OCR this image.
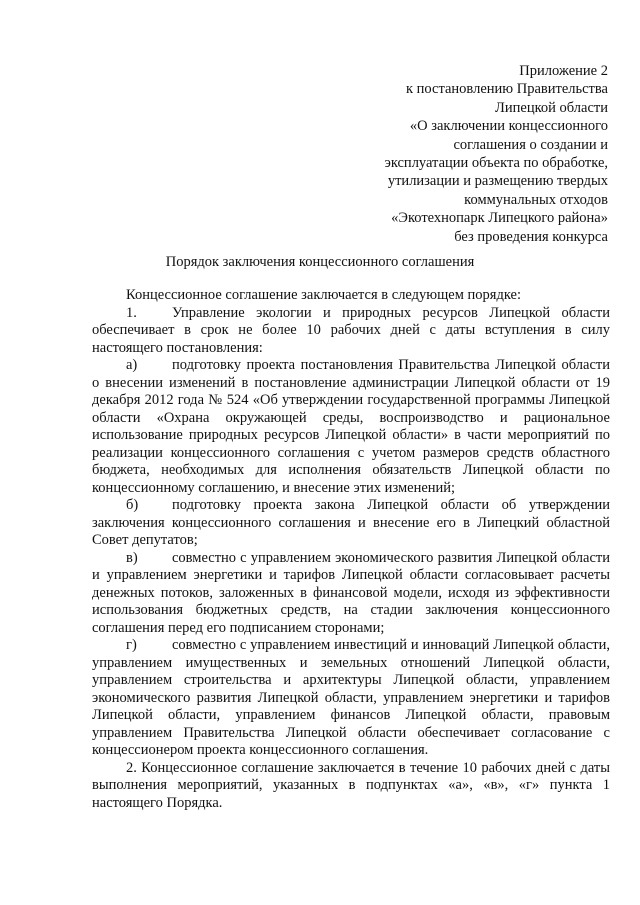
Приложение 2
к постановлению Правительства
Липецкой области
«О заключении концессионного
соглашения о создании и
эксплуатации объекта по обработке,
утилизации и размещению твердых
коммунальных отходов
«Экотехнопарк Липецкого района»
без проведения конкурса
Порядок заключения концессионного соглашения

Концессионное соглашение заключается в следующем порядке:

1. Управление экологии и природных ресурсов Липецкой области обеспечивает в срок не более 10 рабочих дней с даты вступления в силу настоящего постановления:

а) подготовку проекта постановления Правительства Липецкой области о внесении изменений в постановление администрации Липецкой области от 19 декабря 2012 года № 524 «Об утверждении государственной программы Липецкой области «Охрана окружающей среды, воспроизводство и рациональное использование природных ресурсов Липецкой области» в части мероприятий по реализации концессионного соглашения с учетом размеров средств областного бюджета, необходимых для исполнения обязательств Липецкой области по концессионному соглашению, и внесение этих изменений;

б) подготовку проекта закона Липецкой области об утверждении заключения концессионного соглашения и внесение его в Липецкий областной Совет депутатов;

в) совместно с управлением экономического развития Липецкой области и управлением энергетики и тарифов Липецкой области согласовывает расчеты денежных потоков, заложенных в финансовой модели, исходя из эффективности использования бюджетных средств, на стадии заключения концессионного соглашения перед его подписанием сторонами;

г) совместно с управлением инвестиций и инноваций Липецкой области, управлением имущественных и земельных отношений Липецкой области, управлением строительства и архитектуры Липецкой области, управлением экономического развития Липецкой области, управлением энергетики и тарифов Липецкой области, управлением финансов Липецкой области, правовым управлением Правительства Липецкой области обеспечивает согласование с концессионером проекта концессионного соглашения.

2. Концессионное соглашение заключается в течение 10 рабочих дней с даты выполнения мероприятий, указанных в подпунктах «а», «в», «г» пункта 1 настоящего Порядка.
